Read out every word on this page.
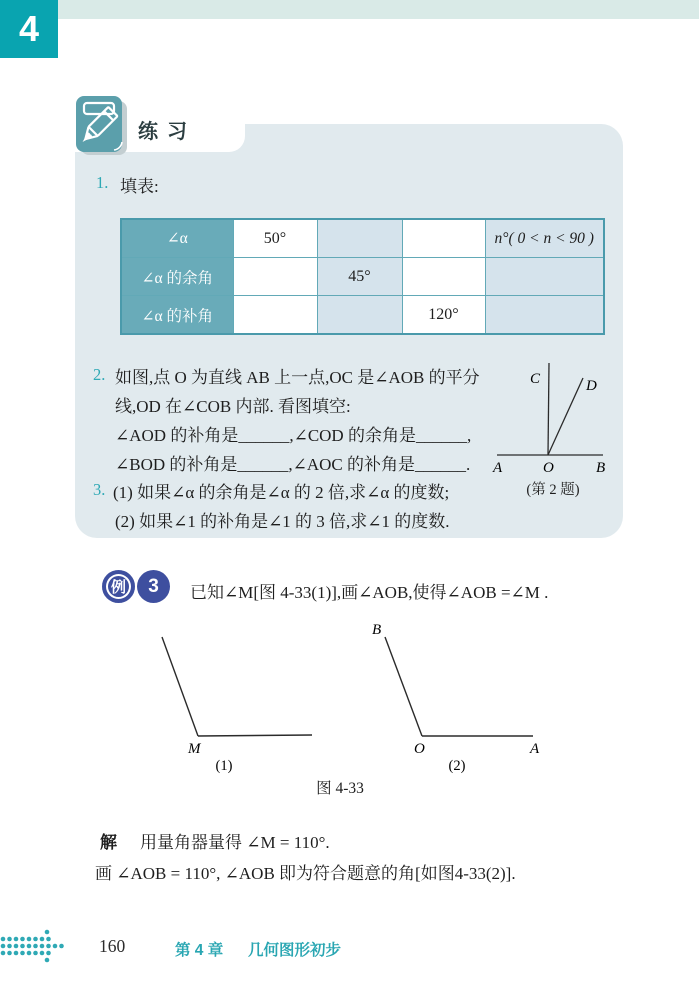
4
练习
1. 填表:
∠α	50°			n°( 0 < n < 90 )
∠α 的余角		45°		
∠α 的补角			120°	
2. 如图,点 O 为直线 AB 上一点,OC 是∠AOB 的平分
线,OD 在∠COB 内部. 看图填空:
∠AOD 的补角是______,∠COD 的余角是______,
∠BOD 的补角是______,∠AOC 的补角是______.
C	D
A	O	B
(第 2 题)
3. (1) 如果∠α 的余角是∠α 的 2 倍,求∠α 的度数;
(2) 如果∠1 的补角是∠1 的 3 倍,求∠1 的度数.
例	3	已知∠M[图 4-33(1)],画∠AOB,使得∠AOB =∠M .
M
(1)
B
O	A
(2)
图 4-33
解 用量角器量得 ∠M = 110°.
画 ∠AOB = 110°, ∠AOB 即为符合题意的角[如图4-33(2)].
160	第 4 章 几何图形初步
